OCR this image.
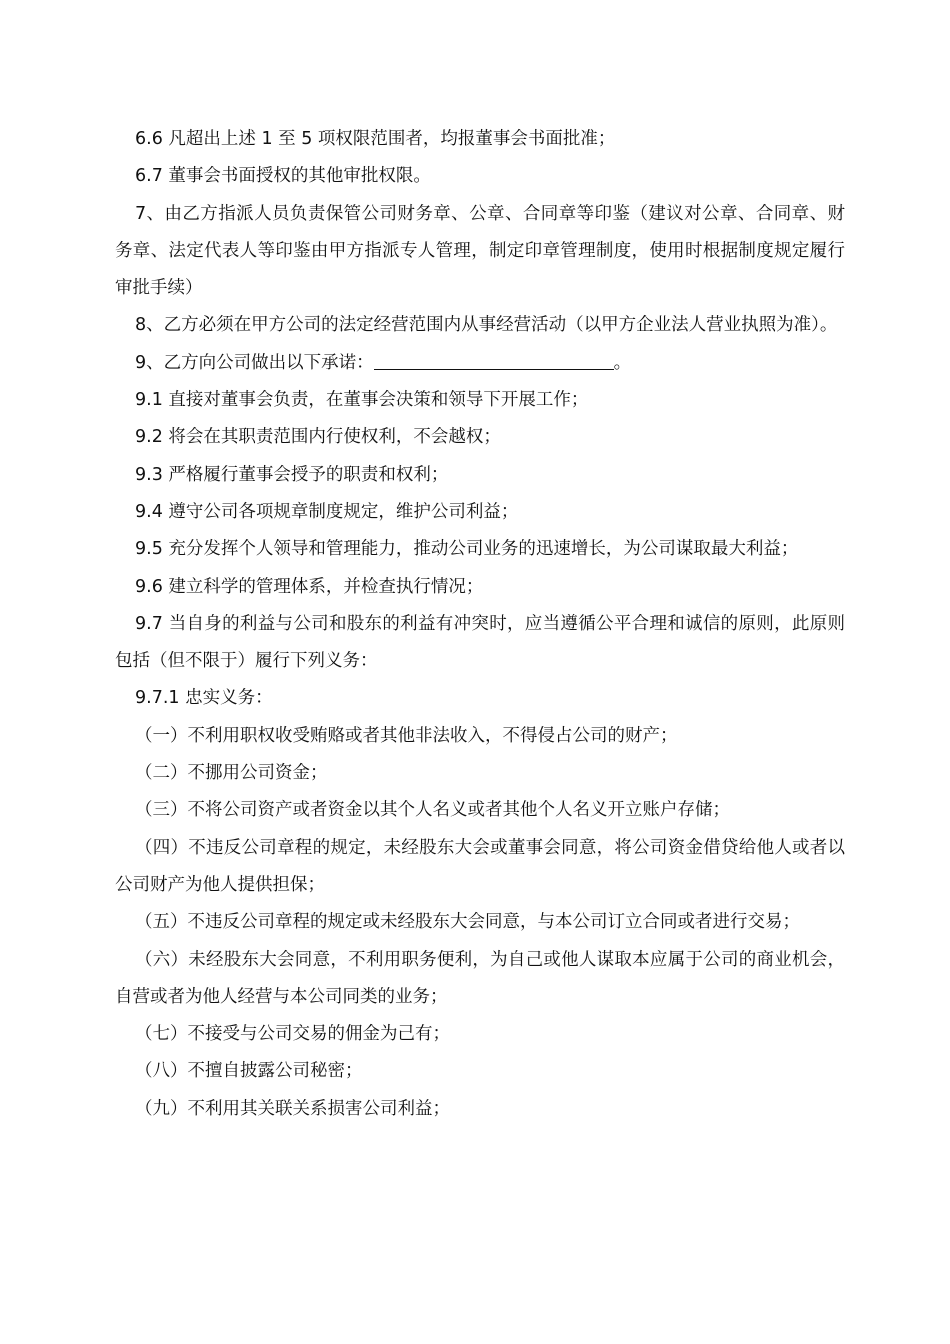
6.6 凡超出上述 1 至 5 项权限范围者，均报董事会书面批准；

6.7 董事会书面授权的其他审批权限。

7、由乙方指派人员负责保管公司财务章、公章、合同章等印鉴（建议对公章、合同章、财务章、法定代表人等印鉴由甲方指派专人管理，制定印章管理制度，使用时根据制度规定履行审批手续）

8、乙方必须在甲方公司的法定经营范围内从事经营活动（以甲方企业法人营业执照为准）。

9、乙方向公司做出以下承诺：	。

9.1 直接对董事会负责，在董事会决策和领导下开展工作；

9.2 将会在其职责范围内行使权利，不会越权；

9.3 严格履行董事会授予的职责和权利；

9.4 遵守公司各项规章制度规定，维护公司利益；

9.5 充分发挥个人领导和管理能力，推动公司业务的迅速增长，为公司谋取最大利益；

9.6 建立科学的管理体系，并检查执行情况；

9.7 当自身的利益与公司和股东的利益有冲突时，应当遵循公平合理和诚信的原则，此原则包括（但不限于）履行下列义务：

9.7.1 忠实义务：

（一）不利用职权收受贿赂或者其他非法收入，不得侵占公司的财产；

（二）不挪用公司资金；

（三）不将公司资产或者资金以其个人名义或者其他个人名义开立账户存储；

（四）不违反公司章程的规定，未经股东大会或董事会同意，将公司资金借贷给他人或者以公司财产为他人提供担保；

（五）不违反公司章程的规定或未经股东大会同意，与本公司订立合同或者进行交易；

（六）未经股东大会同意，不利用职务便利，为自己或他人谋取本应属于公司的商业机会，自营或者为他人经营与本公司同类的业务；

（七）不接受与公司交易的佣金为己有；

（八）不擅自披露公司秘密；

（九）不利用其关联关系损害公司利益；
